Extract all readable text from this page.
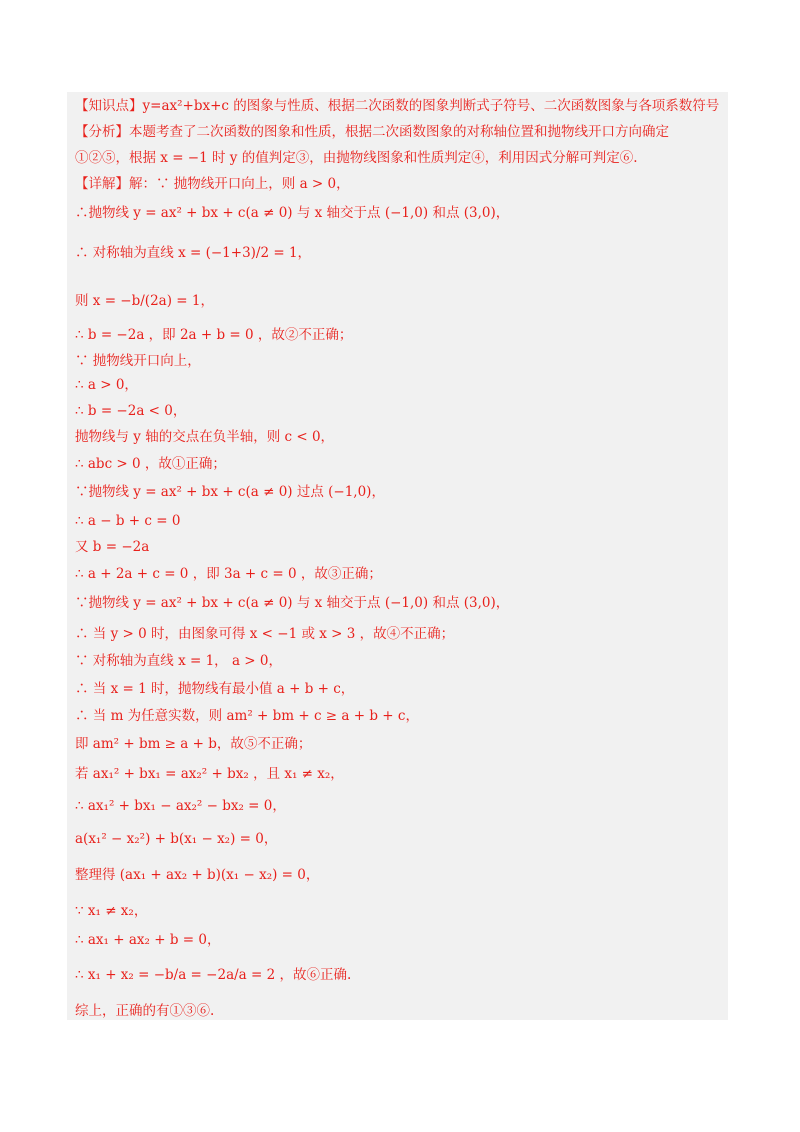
【知识点】y=ax²+bx+c 的图象与性质、根据二次函数的图象判断式子符号、二次函数图象与各项系数符号
【分析】本题考查了二次函数的图象和性质，根据二次函数图象的对称轴位置和抛物线开口方向确定
①②⑤，根据 x = −1 时 y 的值判定③，由抛物线图象和性质判定④，利用因式分解可判定⑥.
【详解】解：∵ 抛物线开口向上，则 a > 0，
∴抛物线 y = ax² + bx + c(a ≠ 0) 与 x 轴交于点 (−1,0) 和点 (3,0)，
∴ 对称轴为直线 x = (−1+3)/2 = 1，
则 x = −b/(2a) = 1，
∴ b = −2a ，即 2a + b = 0 ，故②不正确；
∵ 抛物线开口向上，
∴ a > 0，
∴ b = −2a < 0，
抛物线与 y 轴的交点在负半轴，则 c < 0，
∴ abc > 0 ，故①正确；
∵抛物线 y = ax² + bx + c(a ≠ 0) 过点 (−1,0)，
∴ a − b + c = 0
又 b = −2a
∴ a + 2a + c = 0 ，即 3a + c = 0 ，故③正确；
∵抛物线 y = ax² + bx + c(a ≠ 0) 与 x 轴交于点 (−1,0) 和点 (3,0)，
∴ 当 y > 0 时，由图象可得 x < −1 或 x > 3 ，故④不正确；
∵ 对称轴为直线 x = 1， a > 0，
∴ 当 x = 1 时，抛物线有最小值 a + b + c，
∴ 当 m 为任意实数，则 am² + bm + c ≥ a + b + c，
即 am² + bm ≥ a + b，故⑤不正确；
若 ax₁² + bx₁ = ax₂² + bx₂ ，且 x₁ ≠ x₂，
∴ ax₁² + bx₁ − ax₂² − bx₂ = 0，
a(x₁² − x₂²) + b(x₁ − x₂) = 0，
整理得 (ax₁ + ax₂ + b)(x₁ − x₂) = 0，
∵ x₁ ≠ x₂，
∴ ax₁ + ax₂ + b = 0，
∴ x₁ + x₂ = −b/a = −2a/a = 2 ，故⑥正确.
综上，正确的有①③⑥.
